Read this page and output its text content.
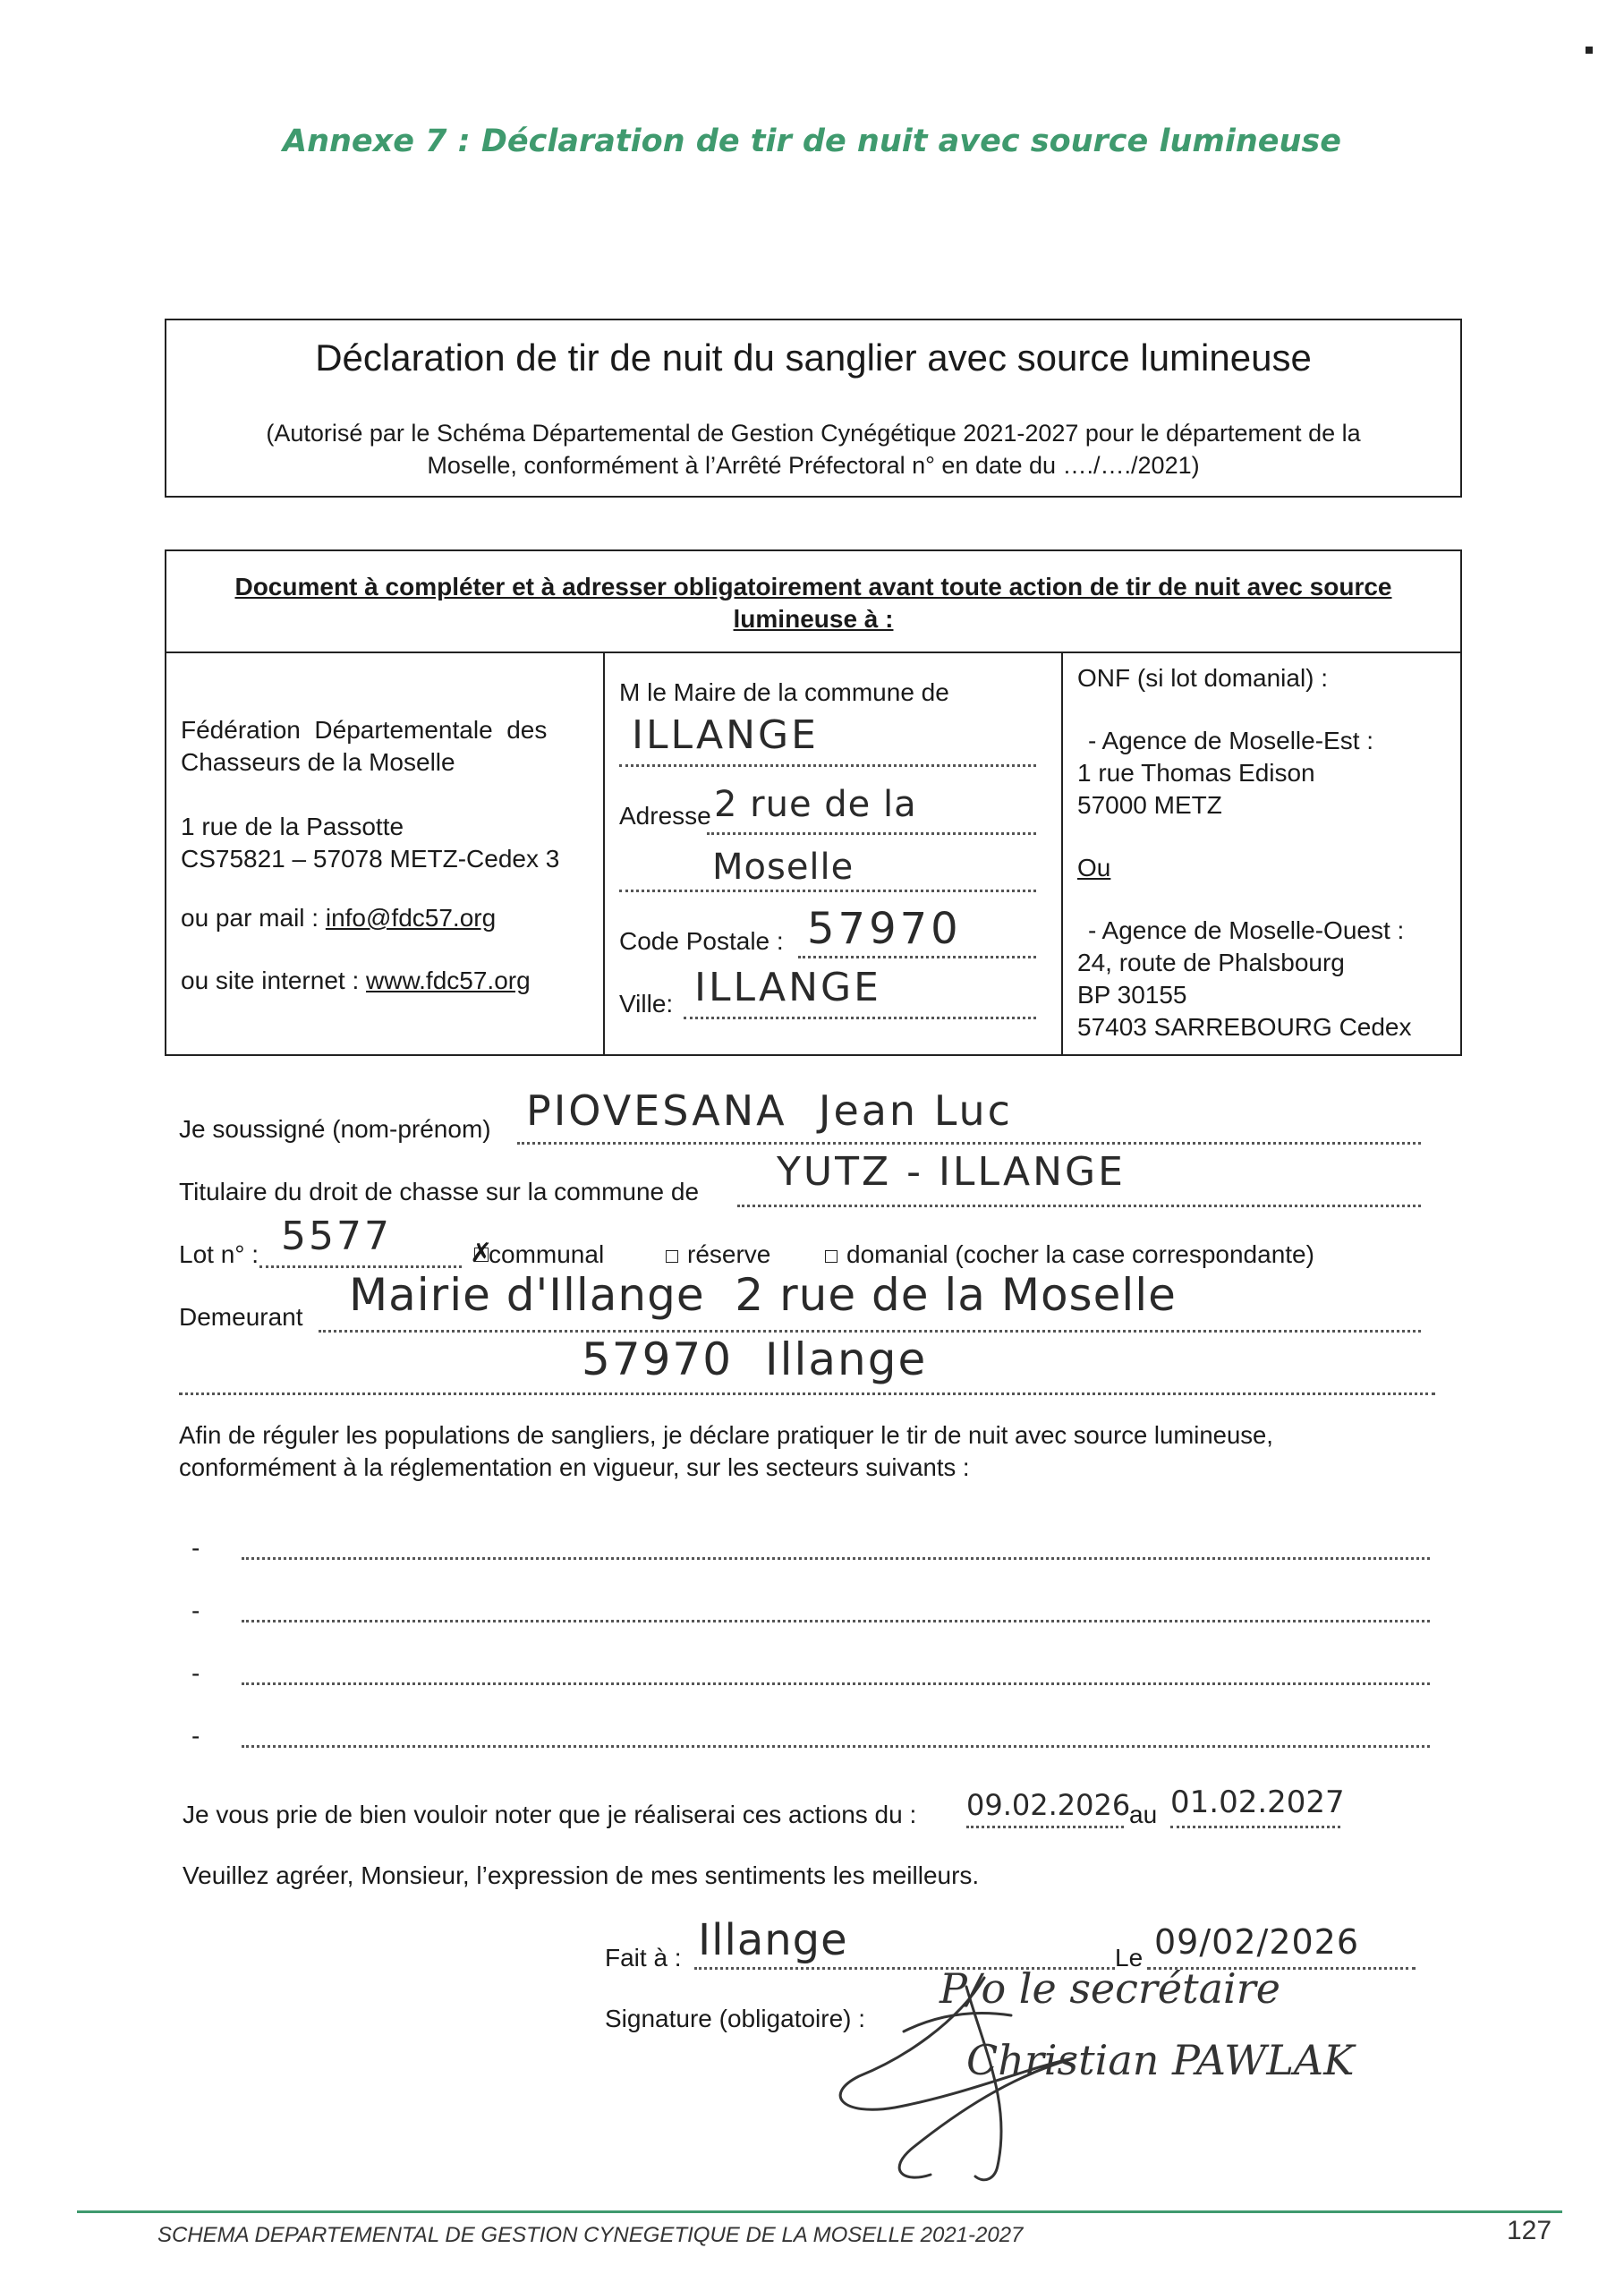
Annexe 7 : Déclaration de tir de nuit avec source lumineuse
Déclaration de tir de nuit du sanglier avec source lumineuse
(Autorisé par le Schéma Départemental de Gestion Cynégétique 2021-2027 pour le département de la
Moselle, conformément à l’Arrêté Préfectoral n° en date du …./…./2021)
Document à compléter et à adresser obligatoirement avant toute action de tir de nuit avec source
lumineuse à :
Fédération  Départementale  des
Chasseurs de la Moselle
1 rue de la Passotte
CS75821 – 57078 METZ-Cedex 3
ou par mail : info@fdc57.org
ou site internet : www.fdc57.org
M le Maire de la commune de
ILLANGE
Adresse 2 rue de la
Moselle
Code Postale : 57970
Ville: ILLANGE
ONF (si lot domanial) :
- Agence de Moselle-Est :
1 rue Thomas Edison
57000 METZ
Ou
- Agence de Moselle-Ouest :
24, route de Phalsbourg
BP 30155
57403 SARREBOURG Cedex
Je soussigné (nom-prénom) PIOVESANA  Jean Luc
Titulaire du droit de chasse sur la commune de YUTZ - ILLANGE
Lot n° : 5577	✗
communal	réserve	domanial (cocher la case correspondante)
Demeurant Mairie d'Illange  2 rue de la Moselle
57970  Illange
Afin de réguler les populations de sangliers, je déclare pratiquer le tir de nuit avec source lumineuse,
conformément à la réglementation en vigueur, sur les secteurs suivants :
-
-
-
-
Je vous prie de bien vouloir noter que je réaliserai ces actions du : 09.02.2026
au 01.02.2027
Veuillez agréer, Monsieur, l’expression de mes sentiments les meilleurs.
Fait à : Illange	Le 09/02/2026
Signature (obligatoire) :
P/o le secrétaire
Christian PAWLAK
SCHEMA DEPARTEMENTAL DE GESTION CYNEGETIQUE DE LA MOSELLE 2021-2027	127
